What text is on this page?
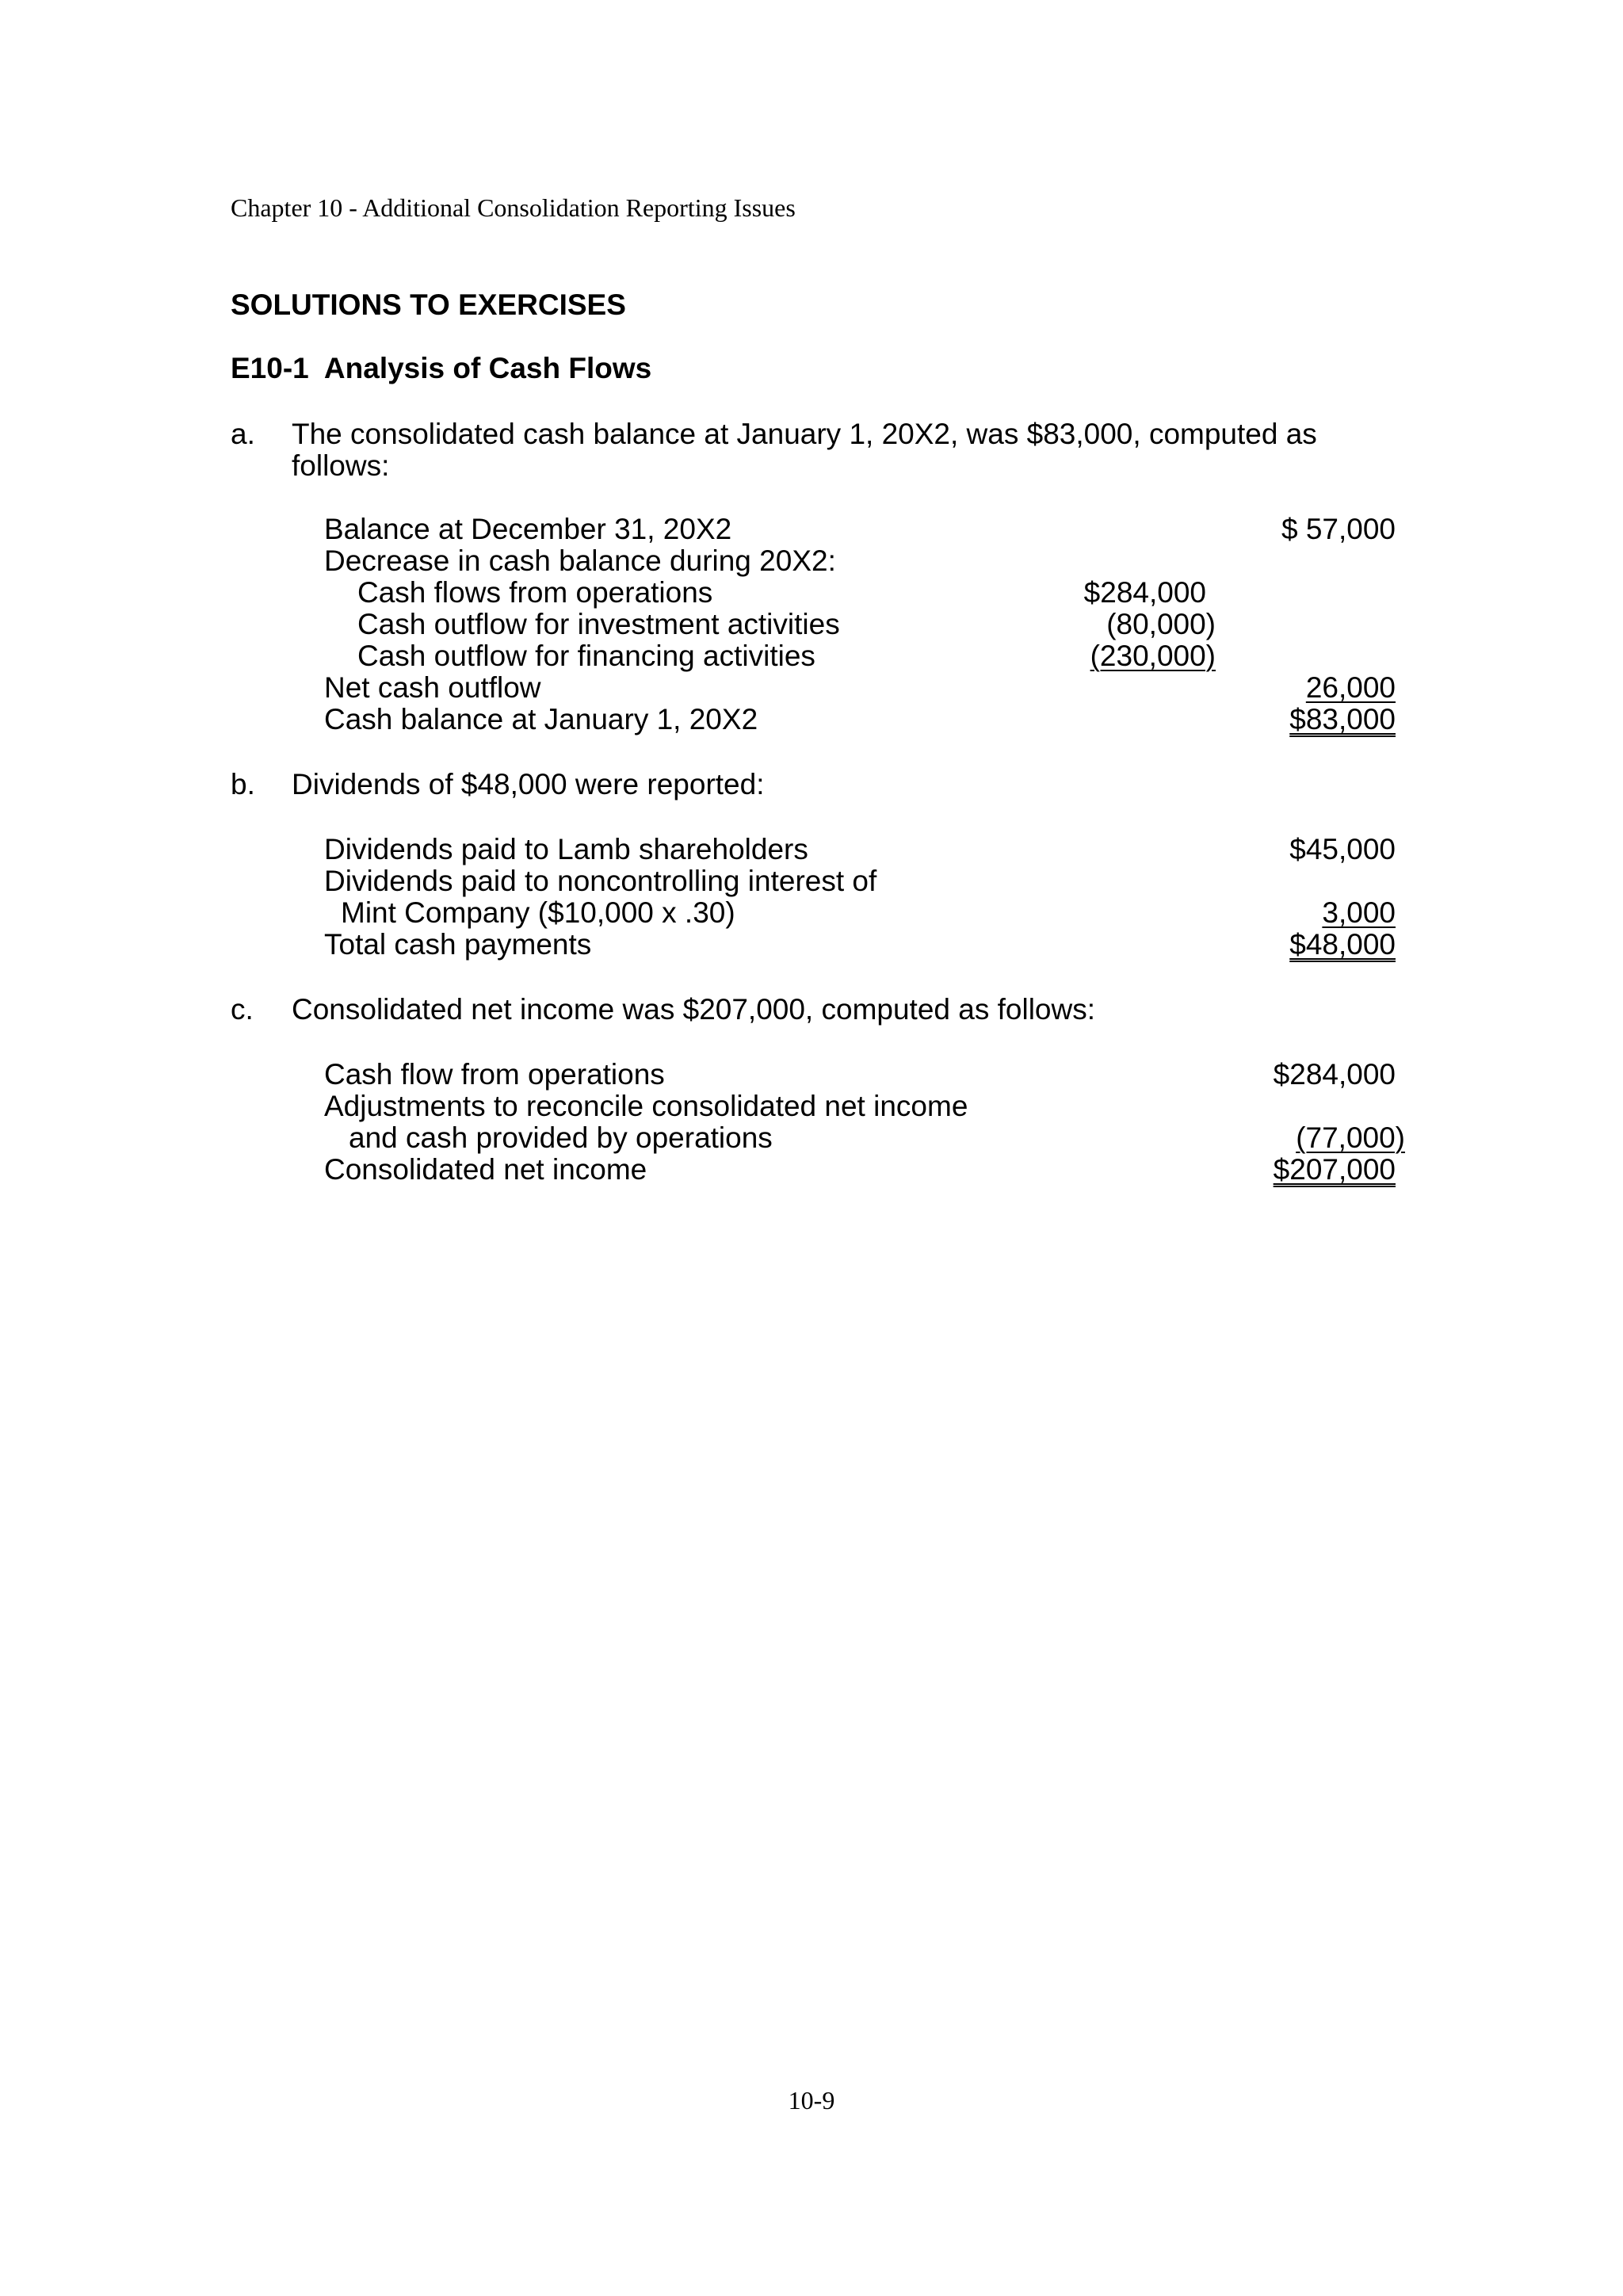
Chapter 10 - Additional Consolidation Reporting Issues
SOLUTIONS TO EXERCISES
E10-1  Analysis of Cash Flows
a. The consolidated cash balance at January 1, 20X2, was $83,000, computed as
follows:
Balance at December 31, 20X2	$ 57,000
Decrease in cash balance during 20X2:
Cash flows from operations	$284,000
Cash outflow for investment activities	(80,000)
Cash outflow for financing activities	(230,000)
Net cash outflow	26,000
Cash balance at January 1, 20X2	$83,000
b. Dividends of $48,000 were reported:
Dividends paid to Lamb shareholders	$45,000
Dividends paid to noncontrolling interest of
Mint Company ($10,000 x .30)	3,000
Total cash payments	$48,000
c. Consolidated net income was $207,000, computed as follows:
Cash flow from operations	$284,000
Adjustments to reconcile consolidated net income
and cash provided by operations	(77,000)
Consolidated net income	$207,000
10-9
